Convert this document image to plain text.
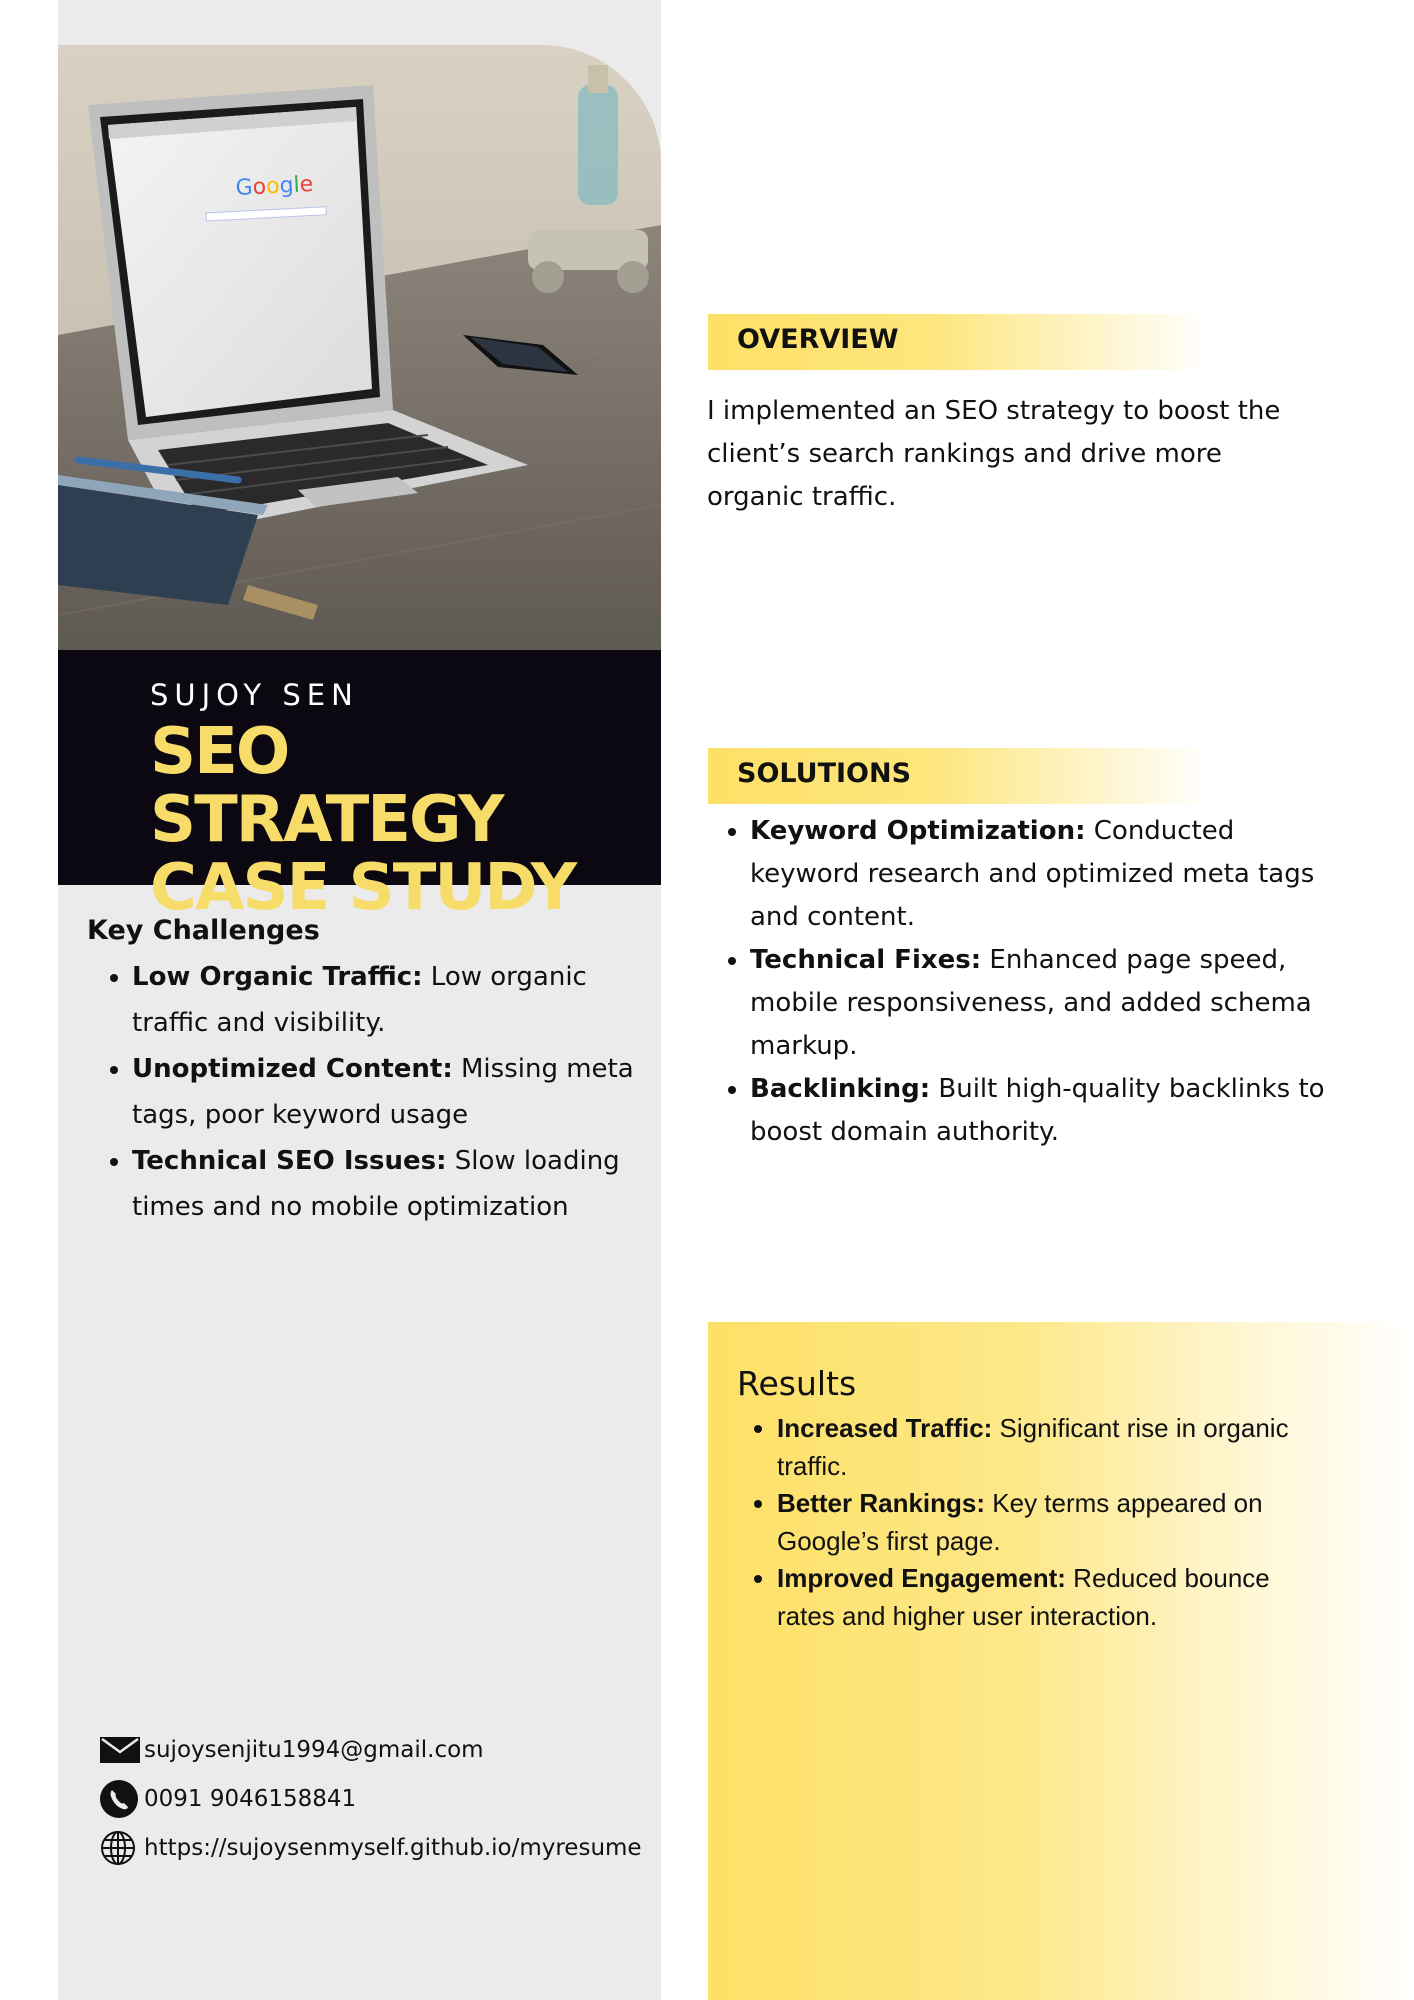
Google
SUJOY SEN
SEO STRATEGY
CASE STUDY
Key Challenges
• Low Organic Traffic: Low organic traffic and visibility.
• Unoptimized Content: Missing meta tags, poor keyword usage
• Technical SEO Issues: Slow loading times and no mobile optimization
sujoysenjitu1994@gmail.com
0091 9046158841
https://sujoysenmyself.github.io/myresume
OVERVIEW

I implemented an SEO strategy to boost the client’s search rankings and drive more organic traffic.

SOLUTIONS
• Keyword Optimization: Conducted keyword research and optimized meta tags and content.
• Technical Fixes: Enhanced page speed, mobile responsiveness, and added schema markup.
• Backlinking: Built high-quality backlinks to boost domain authority.
Results
• Increased Traffic: Significant rise in organic traffic.
• Better Rankings: Key terms appeared on Google’s first page.
• Improved Engagement: Reduced bounce rates and higher user interaction.
